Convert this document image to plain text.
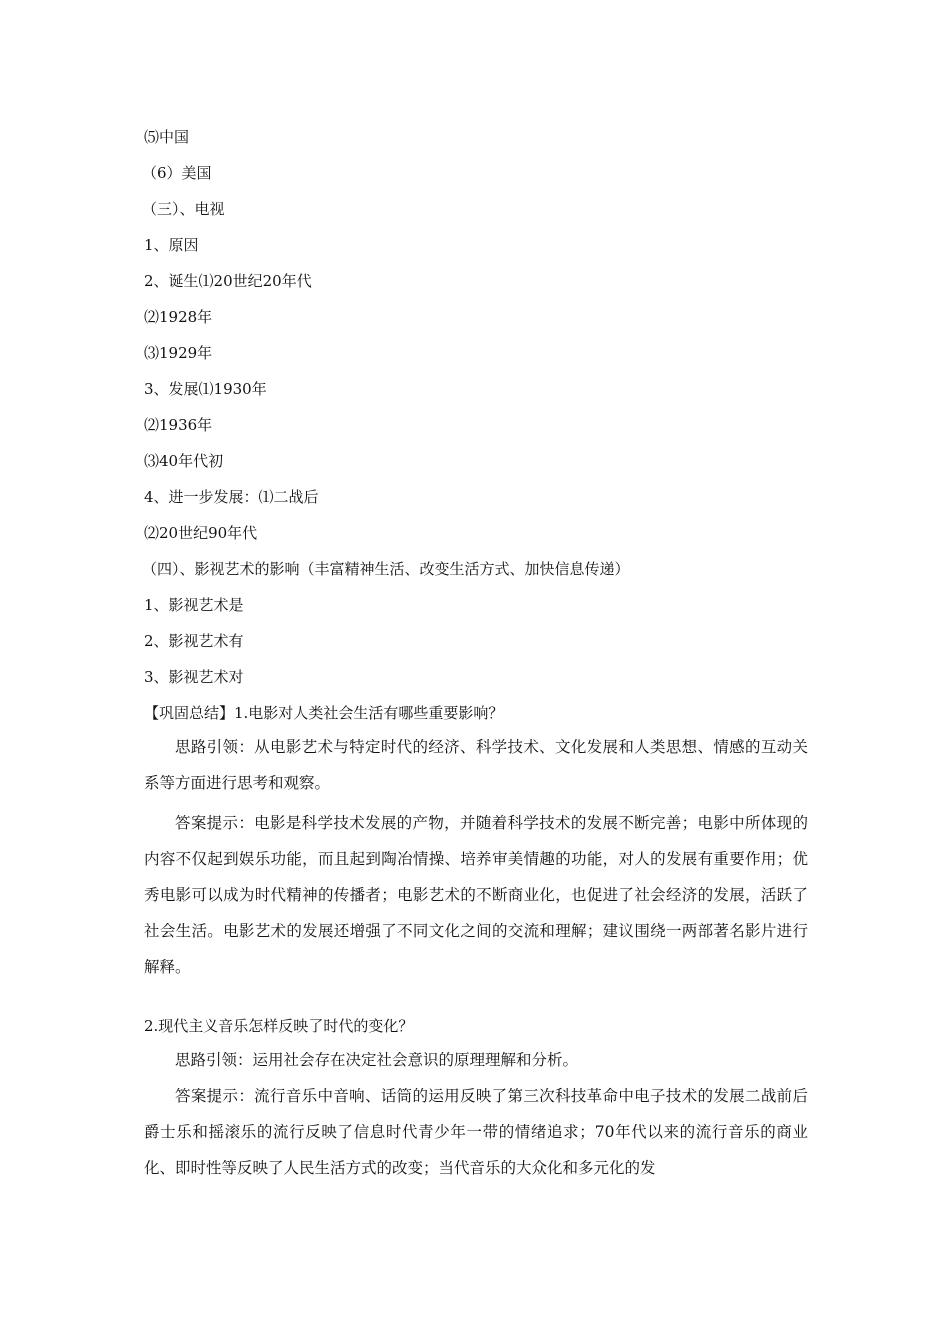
⑸中国
（6）美国
（三）、电视
1、原因
2、诞生⑴20世纪20年代
⑵1928年
⑶1929年
3、发展⑴1930年
⑵1936年
⑶40年代初
4、进一步发展：⑴二战后
⑵20世纪90年代
（四）、影视艺术的影响（丰富精神生活、改变生活方式、加快信息传递）
1、影视艺术是
2、影视艺术有
3、影视艺术对
【巩固总结】1.电影对人类社会生活有哪些重要影响？
思路引领：从电影艺术与特定时代的经济、科学技术、文化发展和人类思想、情感的互动关系等方面进行思考和观察。
答案提示：电影是科学技术发展的产物，并随着科学技术的发展不断完善；电影中所体现的内容不仅起到娱乐功能，而且起到陶冶情操、培养审美情趣的功能，对人的发展有重要作用；优秀电影可以成为时代精神的传播者；电影艺术的不断商业化，也促进了社会经济的发展，活跃了社会生活。电影艺术的发展还增强了不同文化之间的交流和理解；建议围绕一两部著名影片进行解释。
2.现代主义音乐怎样反映了时代的变化？
思路引领：运用社会存在决定社会意识的原理理解和分析。
答案提示：流行音乐中音响、话筒的运用反映了第三次科技革命中电子技术的发展二战前后爵士乐和摇滚乐的流行反映了信息时代青少年一带的情绪追求；70年代以来的流行音乐的商业化、即时性等反映了人民生活方式的改变；当代音乐的大众化和多元化的发
